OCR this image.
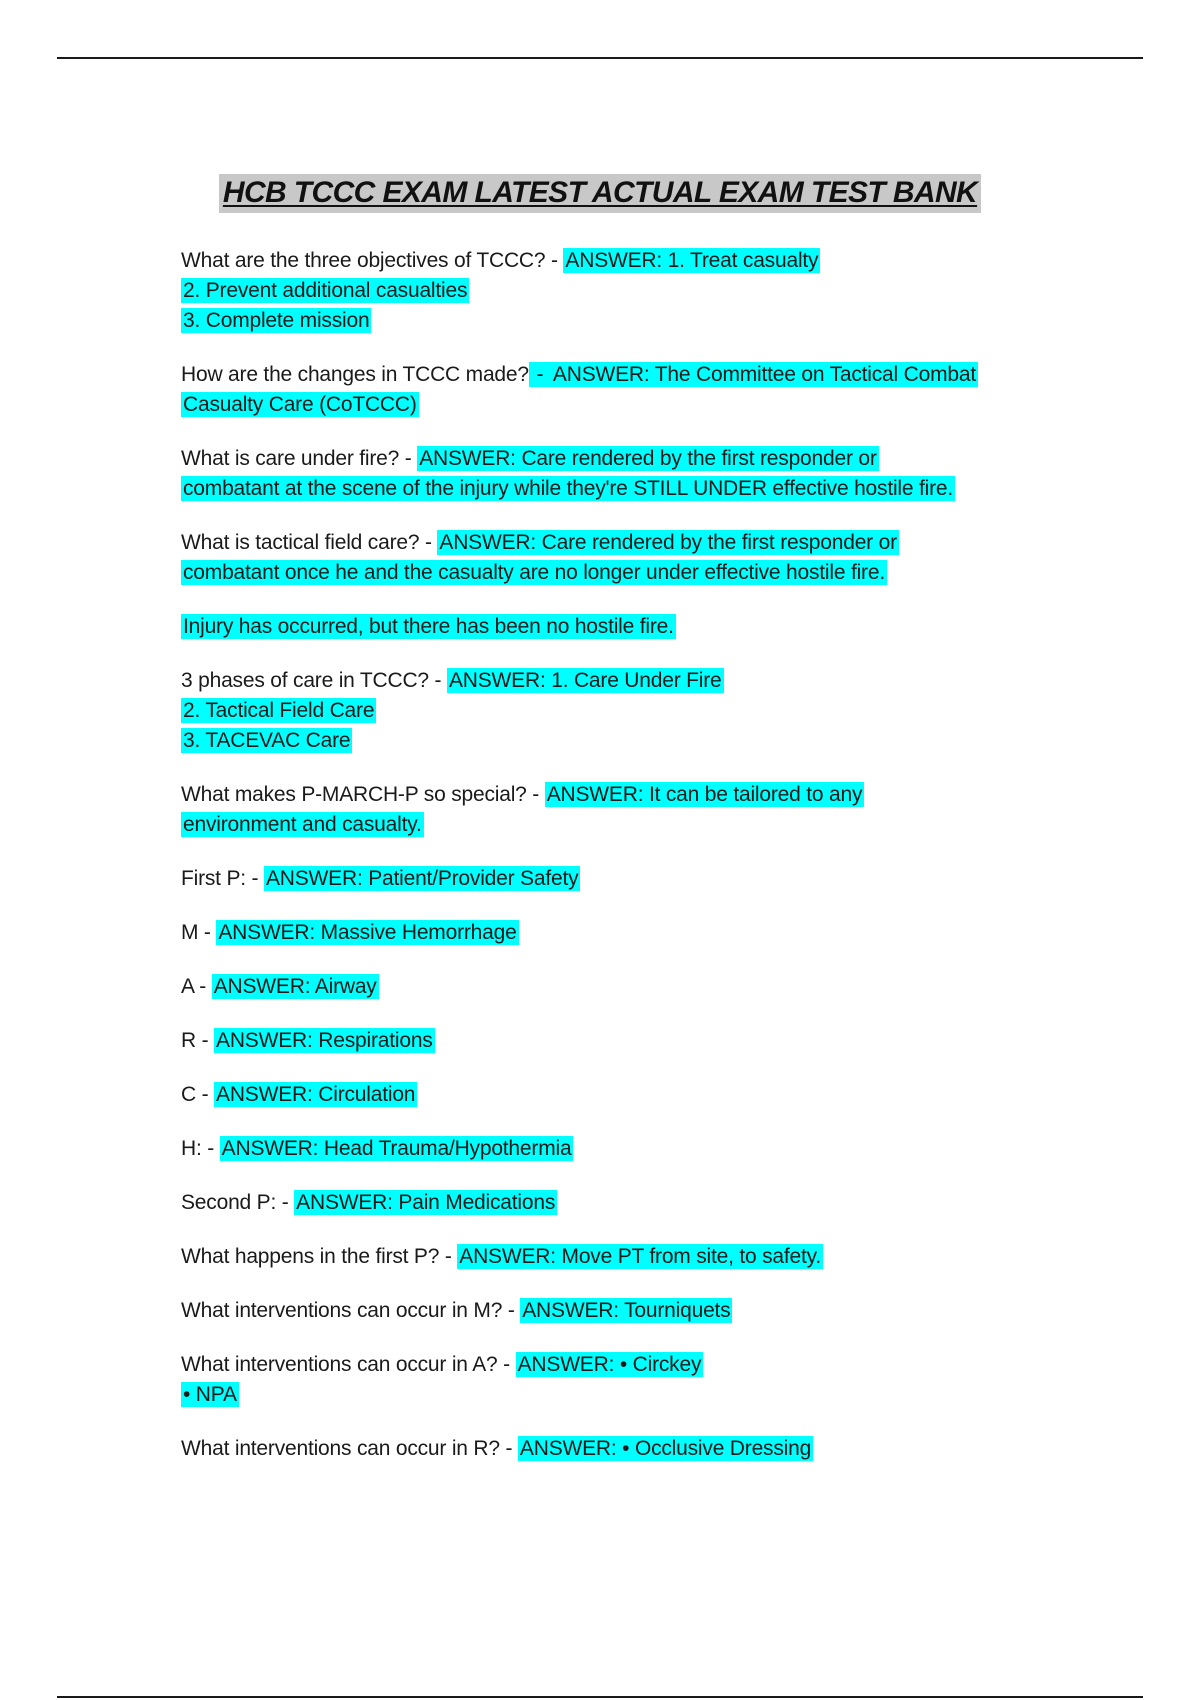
HCB TCCC EXAM LATEST ACTUAL EXAM TEST BANK
What are the three objectives of TCCC? - ANSWER: 1. Treat casualty
2. Prevent additional casualties
3. Complete mission
How are the changes in TCCC made? - ANSWER: The Committee on Tactical Combat
Casualty Care (CoTCCC)
What is care under fire? - ANSWER: Care rendered by the first responder or
combatant at the scene of the injury while they're STILL UNDER effective hostile fire.
What is tactical field care? - ANSWER: Care rendered by the first responder or
combatant once he and the casualty are no longer under effective hostile fire.
Injury has occurred, but there has been no hostile fire.
3 phases of care in TCCC? - ANSWER: 1. Care Under Fire
2. Tactical Field Care
3. TACEVAC Care
What makes P-MARCH-P so special? - ANSWER: It can be tailored to any
environment and casualty.
First P: - ANSWER: Patient/Provider Safety
M - ANSWER: Massive Hemorrhage
A - ANSWER: Airway
R - ANSWER: Respirations
C - ANSWER: Circulation
H: - ANSWER: Head Trauma/Hypothermia
Second P: - ANSWER: Pain Medications
What happens in the first P? - ANSWER: Move PT from site, to safety.
What interventions can occur in M? - ANSWER: Tourniquets
What interventions can occur in A? - ANSWER: • Circkey
• NPA
What interventions can occur in R? - ANSWER: • Occlusive Dressing
